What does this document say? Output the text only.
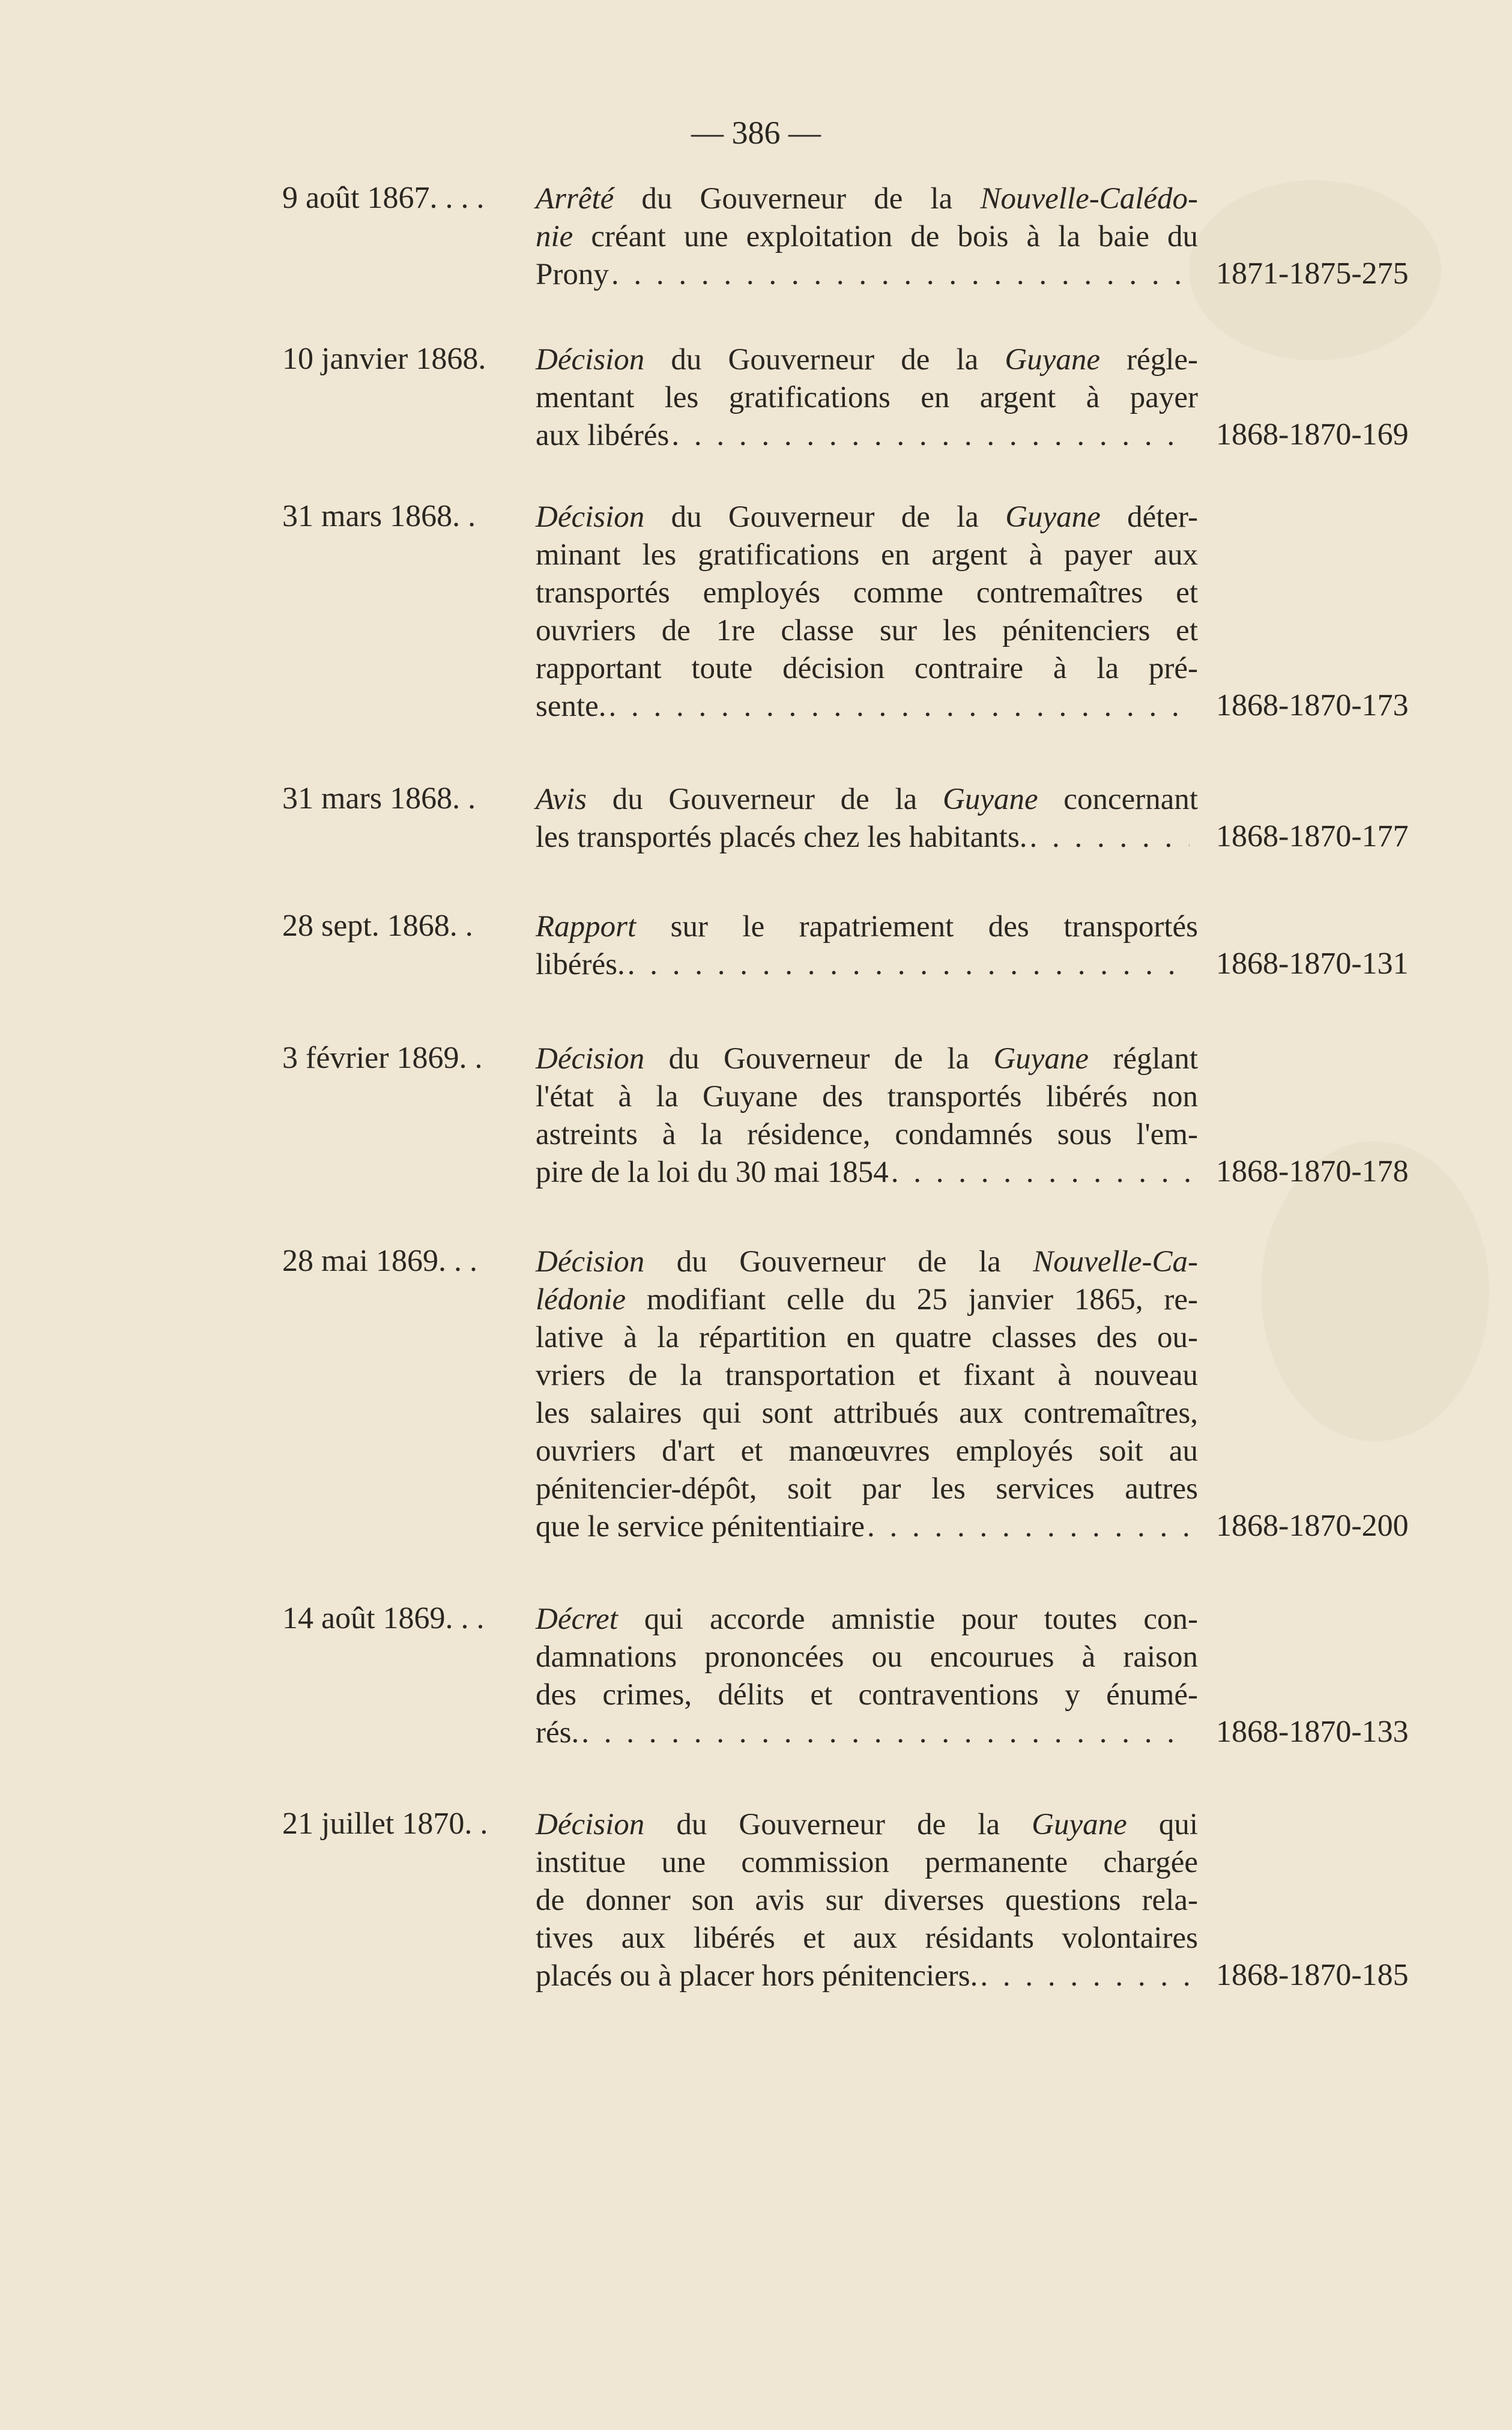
— 386 —
9 août 1867. . . . Arrêté du Gouverneur de la Nouvelle-Calédo-
nie créant une exploitation de bois à la baie du
Prony . . .	1871-1875-275
10 janvier 1868. Décision du Gouverneur de la Guyane régle-
mentant les gratifications en argent à payer
aux libérés . . .	1868-1870-169
31 mars 1868. . Décision du Gouverneur de la Guyane déter-
minant les gratifications en argent à payer aux
transportés employés comme contremaîtres et
ouvriers de 1re classe sur les pénitenciers et
rapportant toute décision contraire à la pré-
sente. . . .	1868-1870-173
31 mars 1868. . Avis du Gouverneur de la Guyane concernant
les transportés placés chez les habitants. . . .	1868-1870-177
28 sept. 1868. . Rapport sur le rapatriement des transportés
libérés. . . .	1868-1870-131
3 février 1869. . Décision du Gouverneur de la Guyane réglant
l'état à la Guyane des transportés libérés non
astreints à la résidence, condamnés sous l'em-
pire de la loi du 30 mai 1854 . . .	1868-1870-178
28 mai 1869. . . Décision du Gouverneur de la Nouvelle-Ca-
lédonie modifiant celle du 25 janvier 1865, re-
lative à la répartition en quatre classes des ou-
vriers de la transportation et fixant à nouveau
les salaires qui sont attribués aux contremaîtres,
ouvriers d'art et manœuvres employés soit au
pénitencier-dépôt, soit par les services autres
que le service pénitentiaire . . .	1868-1870-200
14 août 1869. . . Décret qui accorde amnistie pour toutes con-
damnations prononcées ou encourues à raison
des crimes, délits et contraventions y énumé-
rés. . . .	1868-1870-133
21 juillet 1870. . Décision du Gouverneur de la Guyane qui
institue une commission permanente chargée
de donner son avis sur diverses questions rela-
tives aux libérés et aux résidants volontaires
placés ou à placer hors pénitenciers. . . .	1868-1870-185
